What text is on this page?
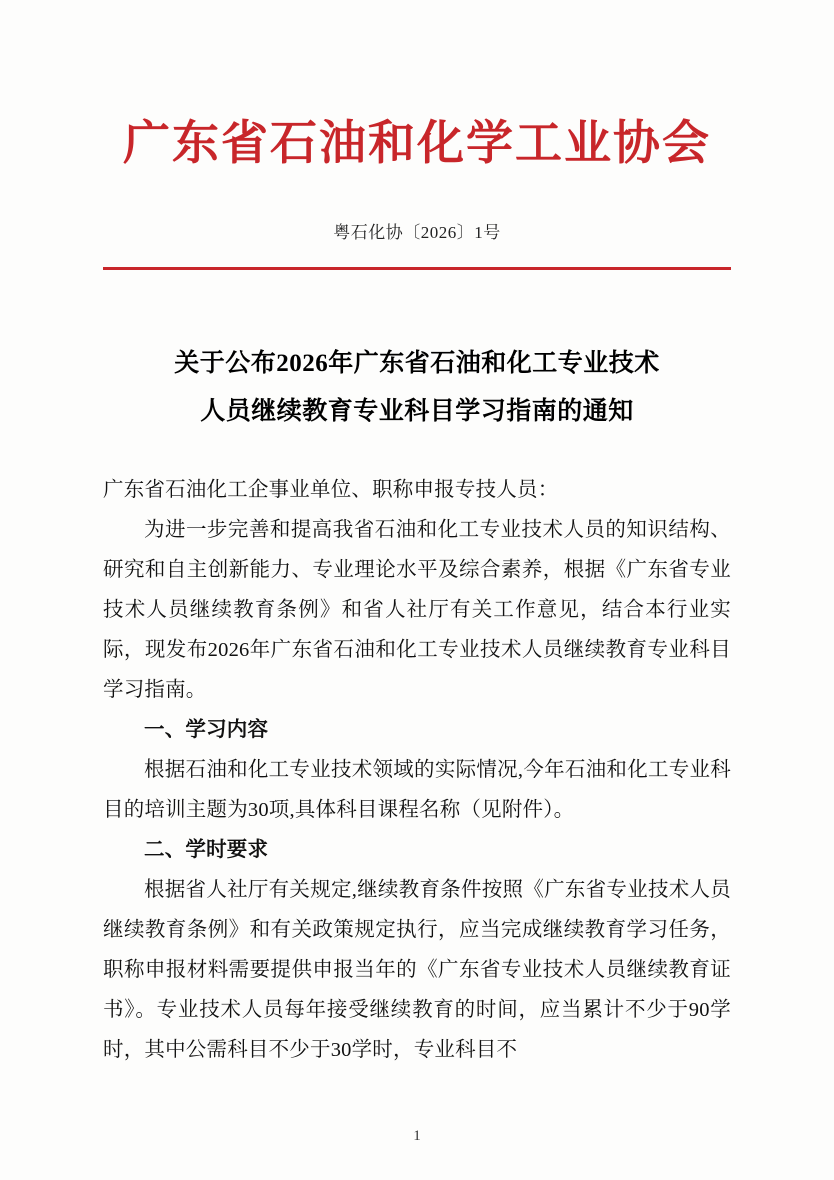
广东省石油和化学工业协会
粤石化协〔2026〕1号
关于公布2026年广东省石油和化工专业技术
人员继续教育专业科目学习指南的通知

广东省石油化工企事业单位、职称申报专技人员：

为进一步完善和提高我省石油和化工专业技术人员的知识结构、研究和自主创新能力、专业理论水平及综合素养，根据《广东省专业技术人员继续教育条例》和省人社厅有关工作意见，结合本行业实际，现发布2026年广东省石油和化工专业技术人员继续教育专业科目学习指南。

一、学习内容

根据石油和化工专业技术领域的实际情况,今年石油和化工专业科目的培训主题为30项,具体科目课程名称（见附件）。

二、学时要求

根据省人社厅有关规定,继续教育条件按照《广东省专业技术人员继续教育条例》和有关政策规定执行，应当完成继续教育学习任务，职称申报材料需要提供申报当年的《广东省专业技术人员继续教育证书》。专业技术人员每年接受继续教育的时间，应当累计不少于90学时，其中公需科目不少于30学时，专业科目不

1
